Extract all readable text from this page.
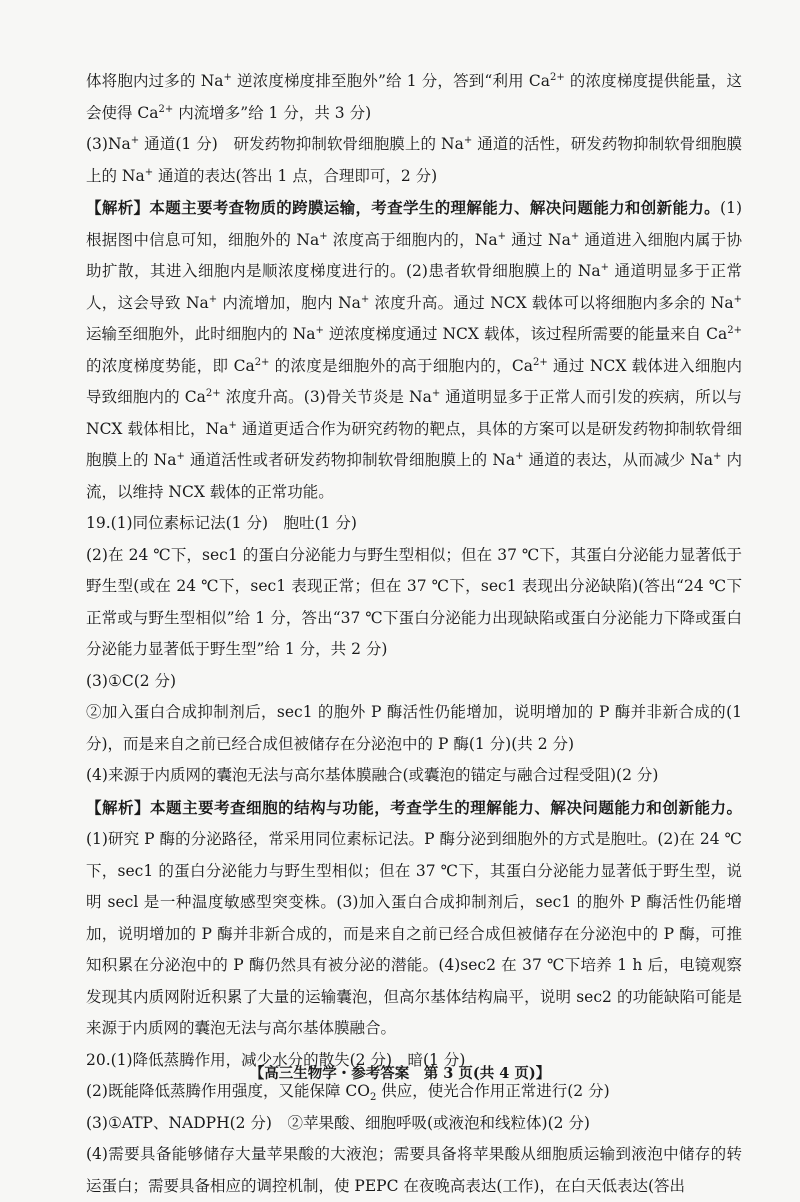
体将胞内过多的 Na+ 逆浓度梯度排至胞外”给 1 分，答到“利用 $Ca^{2+}$ 的浓度梯度提供能量，这会使得 $Ca^{2+}$ 内流增多”给 1 分，共 3 分)

(3)Na+ 通道(1 分)　研发药物抑制软骨细胞膜上的 Na+ 通道的活性，研发药物抑制软骨细胞膜上的 Na+ 通道的表达(答出 1 点，合理即可，2 分)

【解析】本题主要考查物质的跨膜运输，考查学生的理解能力、解决问题能力和创新能力。(1)根据图中信息可知，细胞外的 Na+ 浓度高于细胞内的，Na+ 通过 Na+ 通道进入细胞内属于协助扩散，其进入细胞内是顺浓度梯度进行的。(2)患者软骨细胞膜上的 Na+ 通道明显多于正常人，这会导致 Na+ 内流增加，胞内 Na+ 浓度升高。通过 NCX 载体可以将细胞内多余的 Na+ 运输至细胞外，此时细胞内的 Na+ 逆浓度梯度通过 NCX 载体，该过程所需要的能量来自 $Ca^{2+}$ 的浓度梯度势能，即 $Ca^{2+}$ 的浓度是细胞外的高于细胞内的，$Ca^{2+}$ 通过 NCX 载体进入细胞内导致细胞内的 $Ca^{2+}$ 浓度升高。(3)骨关节炎是 Na+ 通道明显多于正常人而引发的疾病，所以与 NCX 载体相比，Na+ 通道更适合作为研究药物的靶点，具体的方案可以是研发药物抑制软骨细胞膜上的 Na+ 通道活性或者研发药物抑制软骨细胞膜上的 Na+ 通道的表达，从而减少 Na+ 内流，以维持 NCX 载体的正常功能。

19.(1)同位素标记法(1 分)　胞吐(1 分)

(2)在 24 ℃下，sec1 的蛋白分泌能力与野生型相似；但在 37 ℃下，其蛋白分泌能力显著低于野生型(或在 24 ℃下，sec1 表现正常；但在 37 ℃下，sec1 表现出分泌缺陷)(答出“24 ℃下正常或与野生型相似”给 1 分，答出“37 ℃下蛋白分泌能力出现缺陷或蛋白分泌能力下降或蛋白分泌能力显著低于野生型”给 1 分，共 2 分)

(3)①C(2 分)

②加入蛋白合成抑制剂后，sec1 的胞外 P 酶活性仍能增加，说明增加的 P 酶并非新合成的(1 分)，而是来自之前已经合成但被储存在分泌泡中的 P 酶(1 分)(共 2 分)

(4)来源于内质网的囊泡无法与高尔基体膜融合(或囊泡的锚定与融合过程受阻)(2 分)

【解析】本题主要考查细胞的结构与功能，考查学生的理解能力、解决问题能力和创新能力。(1)研究 P 酶的分泌路径，常采用同位素标记法。P 酶分泌到细胞外的方式是胞吐。(2)在 24 ℃下，sec1 的蛋白分泌能力与野生型相似；但在 37 ℃下，其蛋白分泌能力显著低于野生型，说明 secl 是一种温度敏感型突变株。(3)加入蛋白合成抑制剂后，sec1 的胞外 P 酶活性仍能增加，说明增加的 P 酶并非新合成的，而是来自之前已经合成但被储存在分泌泡中的 P 酶，可推知积累在分泌泡中的 P 酶仍然具有被分泌的潜能。(4)sec2 在 37 ℃下培养 1 h 后，电镜观察发现其内质网附近积累了大量的运输囊泡，但高尔基体结构扁平，说明 sec2 的功能缺陷可能是来源于内质网的囊泡无法与高尔基体膜融合。

20.(1)降低蒸腾作用，减少水分的散失(2 分)　暗(1 分)

(2)既能降低蒸腾作用强度，又能保障 $CO_2$ 供应，使光合作用正常进行(2 分)

(3)①ATP、NADPH(2 分)　②苹果酸、细胞呼吸(或液泡和线粒体)(2 分)

(4)需要具备能够储存大量苹果酸的大液泡；需要具备将苹果酸从细胞质运输到液泡中储存的转运蛋白；需要具备相应的调控机制，使 PEPC 在夜晚高表达(工作)，在白天低表达(答出

【高三生物学・参考答案　第 3 页(共 4 页)】
